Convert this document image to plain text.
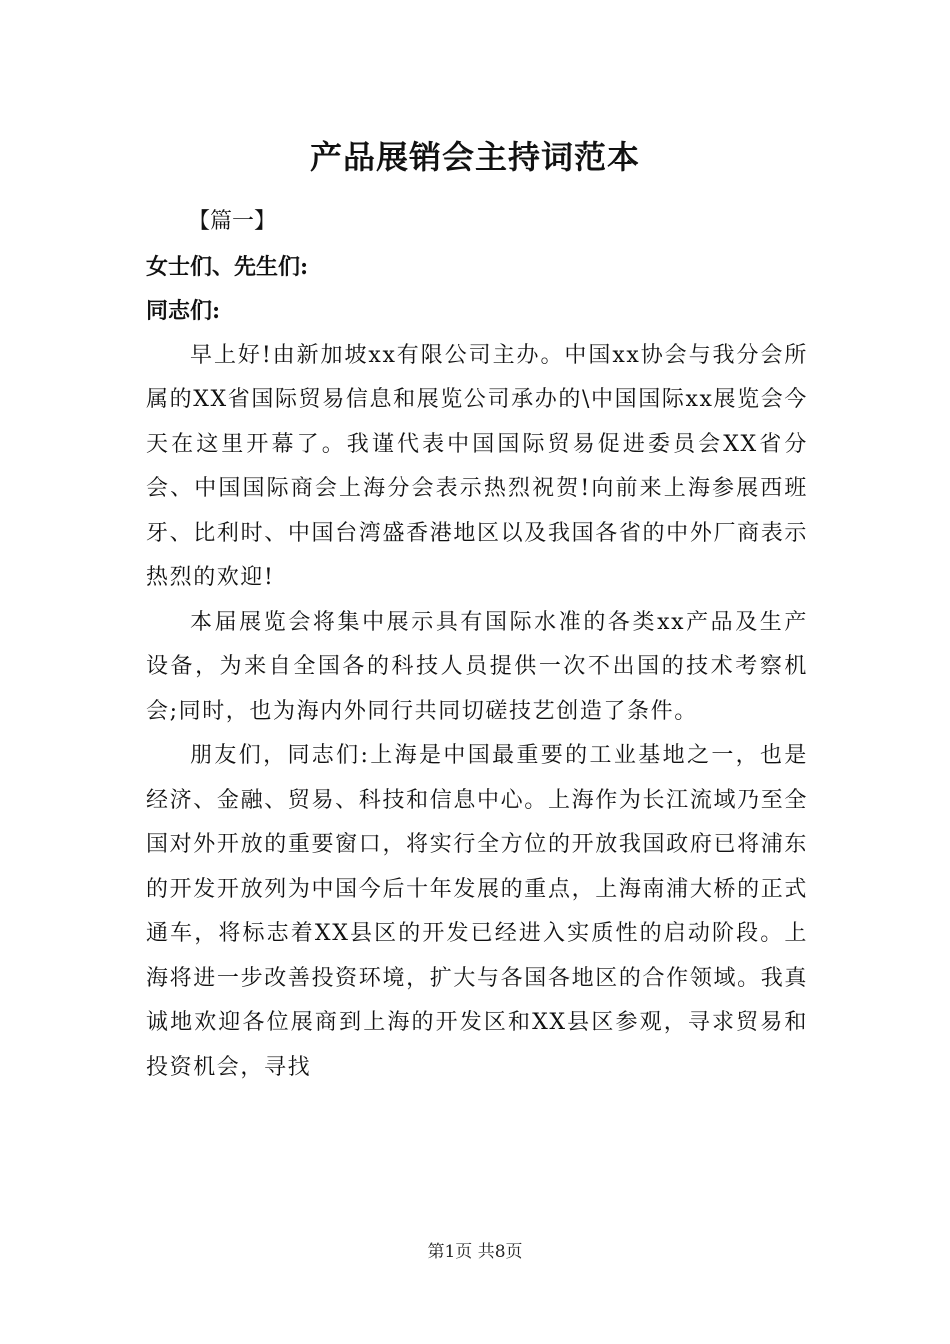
产品展销会主持词范本

【篇一】

女士们、先生们:

同志们:

早上好!由新加坡xx有限公司主办。中国xx协会与我分会所属的XX省国际贸易信息和展览公司承办的\中国国际xx展览会今天在这里开幕了。我谨代表中国国际贸易促进委员会XX省分会、中国国际商会上海分会表示热烈祝贺!向前来上海参展西班牙、比利时、中国台湾盛香港地区以及我国各省的中外厂商表示热烈的欢迎!

本届展览会将集中展示具有国际水准的各类xx产品及生产设备，为来自全国各的科技人员提供一次不出国的技术考察机会;同时，也为海内外同行共同切磋技艺创造了条件。

朋友们，同志们:上海是中国最重要的工业基地之一，也是经济、金融、贸易、科技和信息中心。上海作为长江流域乃至全国对外开放的重要窗口，将实行全方位的开放我国政府已将浦东的开发开放列为中国今后十年发展的重点，上海南浦大桥的正式通车，将标志着XX县区的开发已经进入实质性的启动阶段。上海将进一步改善投资环境，扩大与各国各地区的合作领域。我真诚地欢迎各位展商到上海的开发区和XX县区参观，寻求贸易和投资机会，寻找

第1页 共8页
